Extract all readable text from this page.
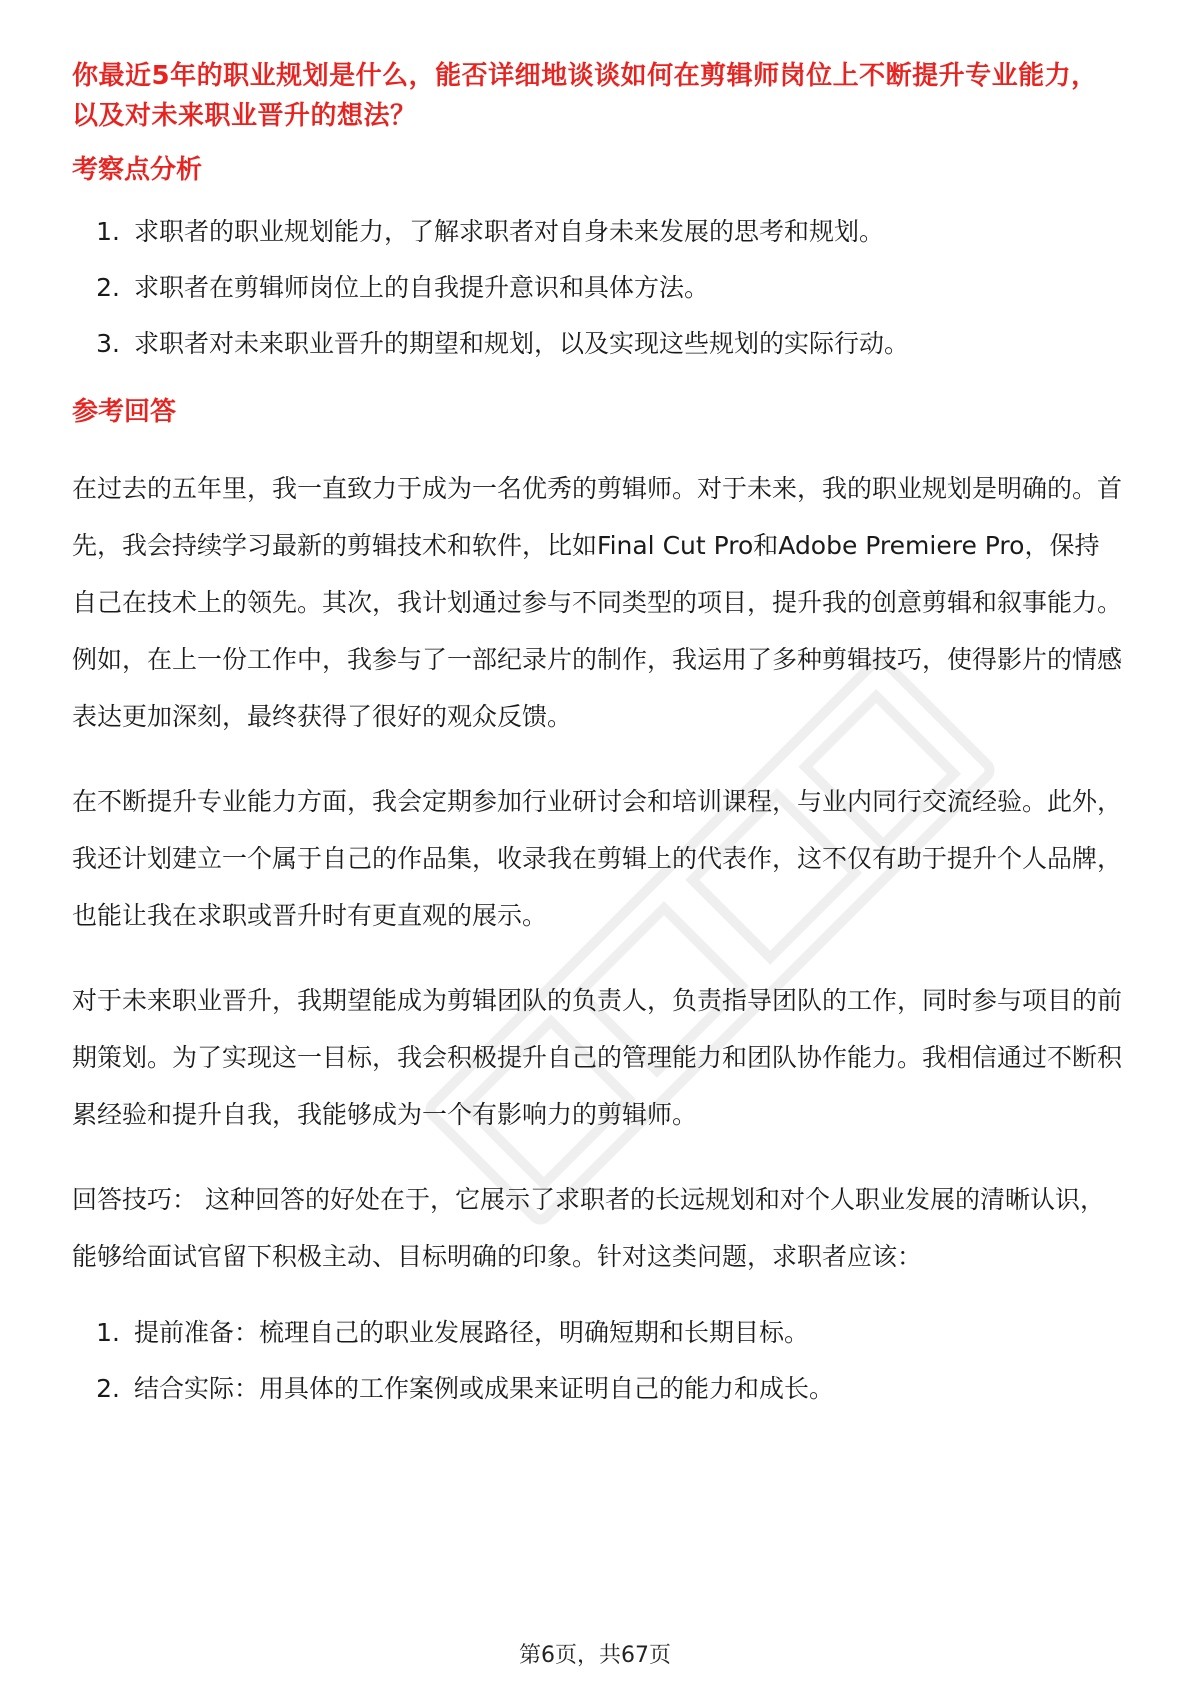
你最近5年的职业规划是什么，能否详细地谈谈如何在剪辑师岗位上不断提升专业能力，以及对未来职业晋升的想法？

考察点分析

1. 求职者的职业规划能力，了解求职者对自身未来发展的思考和规划。
2. 求职者在剪辑师岗位上的自我提升意识和具体方法。
3. 求职者对未来职业晋升的期望和规划，以及实现这些规划的实际行动。

参考回答

在过去的五年里，我一直致力于成为一名优秀的剪辑师。对于未来，我的职业规划是明确的。首先，我会持续学习最新的剪辑技术和软件，比如Final Cut Pro和Adobe Premiere Pro，保持自己在技术上的领先。其次，我计划通过参与不同类型的项目，提升我的创意剪辑和叙事能力。例如，在上一份工作中，我参与了一部纪录片的制作，我运用了多种剪辑技巧，使得影片的情感表达更加深刻，最终获得了很好的观众反馈。

在不断提升专业能力方面，我会定期参加行业研讨会和培训课程，与业内同行交流经验。此外，我还计划建立一个属于自己的作品集，收录我在剪辑上的代表作，这不仅有助于提升个人品牌，也能让我在求职或晋升时有更直观的展示。

对于未来职业晋升，我期望能成为剪辑团队的负责人，负责指导团队的工作，同时参与项目的前期策划。为了实现这一目标，我会积极提升自己的管理能力和团队协作能力。我相信通过不断积累经验和提升自我，我能够成为一个有影响力的剪辑师。

回答技巧： 这种回答的好处在于，它展示了求职者的长远规划和对个人职业发展的清晰认识，能够给面试官留下积极主动、目标明确的印象。针对这类问题，求职者应该：

1. 提前准备：梳理自己的职业发展路径，明确短期和长期目标。
2. 结合实际：用具体的工作案例或成果来证明自己的能力和成长。
第6页，共67页
